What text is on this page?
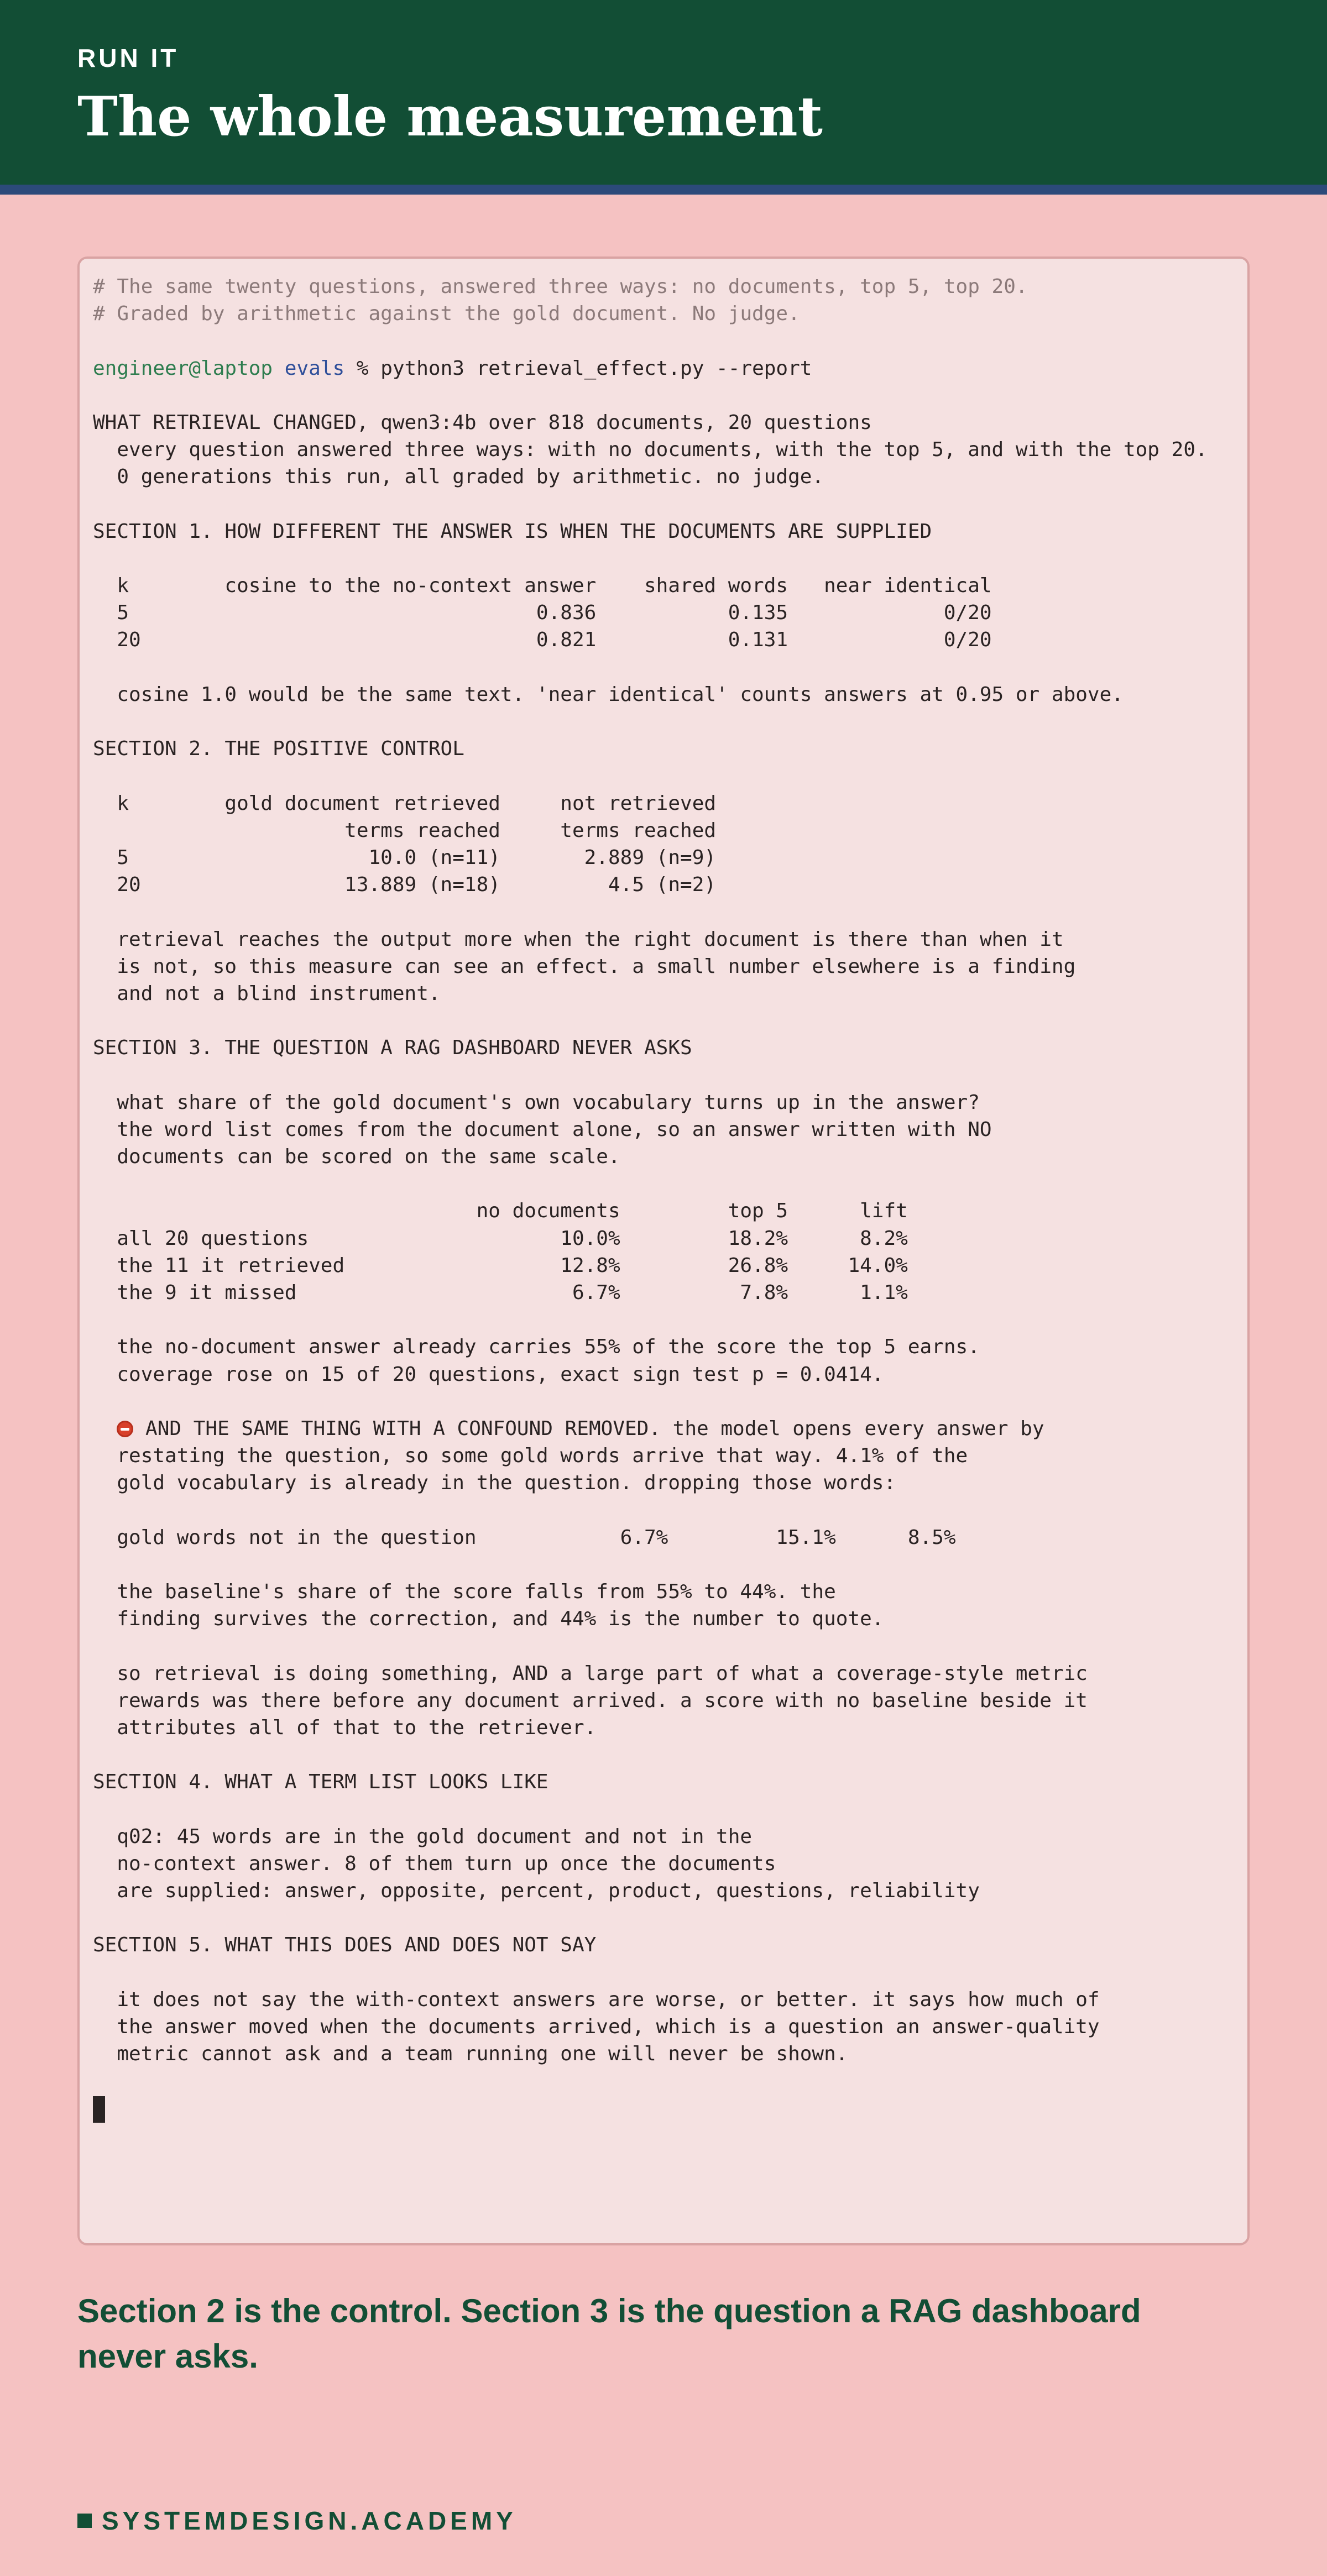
RUN IT
The whole measurement
# The same twenty questions, answered three ways: no documents, top 5, top 20.
# Graded by arithmetic against the gold document. No judge.
engineer@laptop evals % python3 retrieval_effect.py --report
WHAT RETRIEVAL CHANGED, qwen3:4b over 818 documents, 20 questions
every question answered three ways: with no documents, with the top 5, and with the top 20.
0 generations this run, all graded by arithmetic. no judge.
SECTION 1. HOW DIFFERENT THE ANSWER IS WHEN THE DOCUMENTS ARE SUPPLIED
k        cosine to the no-context answer    shared words   near identical
5                                  0.836           0.135             0/20
20                                 0.821           0.131             0/20
cosine 1.0 would be the same text. 'near identical' counts answers at 0.95 or above.
SECTION 2. THE POSITIVE CONTROL
k        gold document retrieved     not retrieved
terms reached     terms reached
5                    10.0 (n=11)       2.889 (n=9)
20                 13.889 (n=18)         4.5 (n=2)
retrieval reaches the output more when the right document is there than when it
is not, so this measure can see an effect. a small number elsewhere is a finding
and not a blind instrument.
SECTION 3. THE QUESTION A RAG DASHBOARD NEVER ASKS
what share of the gold document's own vocabulary turns up in the answer?
the word list comes from the document alone, so an answer written with NO
documents can be scored on the same scale.
no documents         top 5      lift
all 20 questions                     10.0%         18.2%      8.2%
the 11 it retrieved                  12.8%         26.8%     14.0%
the 9 it missed                       6.7%          7.8%      1.1%
the no-document answer already carries 55% of the score the top 5 earns.
coverage rose on 15 of 20 questions, exact sign test p = 0.0414.
AND THE SAME THING WITH A CONFOUND REMOVED. the model opens every answer by
restating the question, so some gold words arrive that way. 4.1% of the
gold vocabulary is already in the question. dropping those words:
gold words not in the question            6.7%         15.1%      8.5%
the baseline's share of the score falls from 55% to 44%. the
finding survives the correction, and 44% is the number to quote.
so retrieval is doing something, AND a large part of what a coverage-style metric
rewards was there before any document arrived. a score with no baseline beside it
attributes all of that to the retriever.
SECTION 4. WHAT A TERM LIST LOOKS LIKE
q02: 45 words are in the gold document and not in the
no-context answer. 8 of them turn up once the documents
are supplied: answer, opposite, percent, product, questions, reliability
SECTION 5. WHAT THIS DOES AND DOES NOT SAY
it does not say the with-context answers are worse, or better. it says how much of
the answer moved when the documents arrived, which is a question an answer-quality
metric cannot ask and a team running one will never be shown.
Section 2 is the control. Section 3 is the question a RAG dashboard never asks.
SYSTEMDESIGN.ACADEMY
